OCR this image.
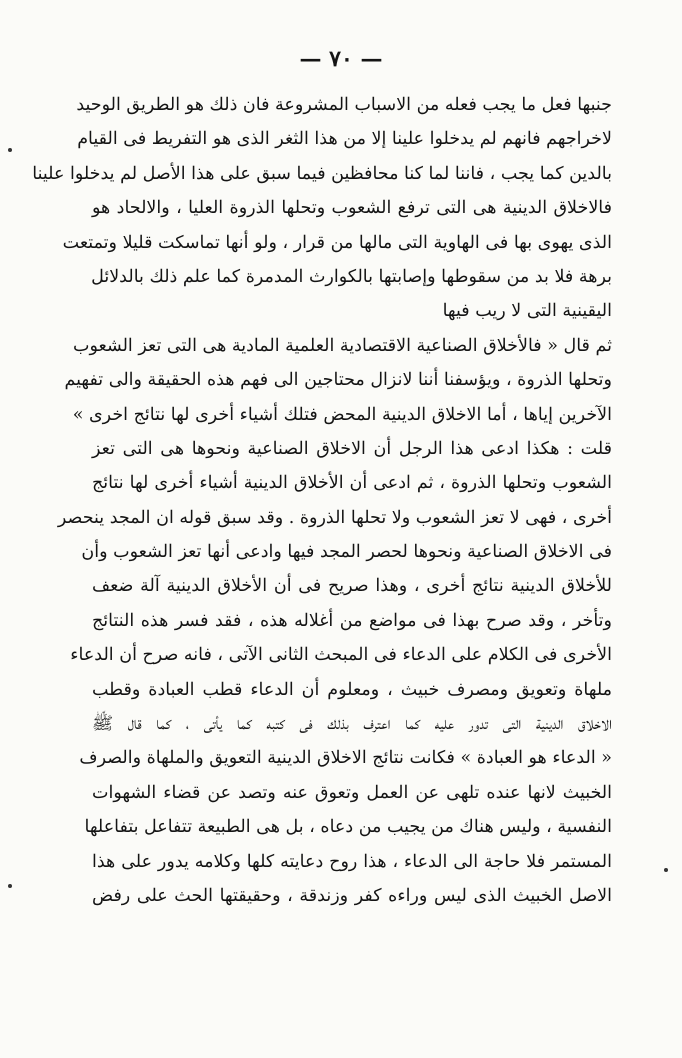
— ٧٠ —
جنبها فعل ما يجب فعله من الاسباب المشروعة فان ذلك هو الطريق الوحيد
لاخراجهم فانهم لم يدخلوا علينا إلا من هذا الثغر الذى هو التفريط فى القيام
بالدين كما يجب ، فاننا لما كنا محافظين فيما سبق على هذا الأصل لم يدخلوا علينا
فالاخلاق الدينية هى التى ترفع الشعوب وتحلها الذروة العليا ، والالحاد هو
الذى يهوى بها فى الهاوية التى مالها من قرار ، ولو أنها تماسكت قليلا وتمتعت
برهة فلا بد من سقوطها وإصابتها بالكوارث المدمرة كما علم ذلك بالدلائل
اليقينية التى لا ريب فيها
ثم قال « فالأخلاق الصناعية الاقتصادية العلمية المادية هى التى تعز الشعوب
وتحلها الذروة ، ويؤسفنا أننا لانزال محتاجين الى فهم هذه الحقيقة والى تفهيم
الآخرين إياها ، أما الاخلاق الدينية المحض فتلك أشياء أخرى لها نتائج اخرى »
قلت : هكذا ادعى هذا الرجل أن الاخلاق الصناعية ونحوها هى التى تعز
الشعوب وتحلها الذروة ، ثم ادعى أن الأخلاق الدينية أشياء أخرى لها نتائج
أخرى ، فهى لا تعز الشعوب ولا تحلها الذروة . وقد سبق قوله ان المجد ينحصر
فى الاخلاق الصناعية ونحوها لحصر المجد فيها وادعى أنها تعز الشعوب وأن
للأخلاق الدينية نتائج أخرى ، وهذا صريح فى أن الأخلاق الدينية آلة ضعف
وتأخر ، وقد صرح بهذا فى مواضع من أغلاله هذه ، فقد فسر هذه النتائج
الأخرى فى الكلام على الدعاء فى المبحث الثانى الآتى ، فانه صرح أن الدعاء
ملهاة وتعويق ومصرف خبيث ، ومعلوم أن الدعاء قطب العبادة وقطب
الاخلاق الدينية التى تدور عليه كما اعترف بذلك فى كتبه كما يأتى ، كما قال ﷺ
« الدعاء هو العبادة » فكانت نتائج الاخلاق الدينية التعويق والملهاة والصرف
الخبيث لانها عنده تلهى عن العمل وتعوق عنه وتصد عن قضاء الشهوات
النفسية ، وليس هناك من يجيب من دعاه ، بل هى الطبيعة تتفاعل بتفاعلها
المستمر فلا حاجة الى الدعاء ، هذا روح دعايته كلها وكلامه يدور على هذا
الاصل الخبيث الذى ليس وراءه كفر وزندقة ، وحقيقتها الحث على رفض
